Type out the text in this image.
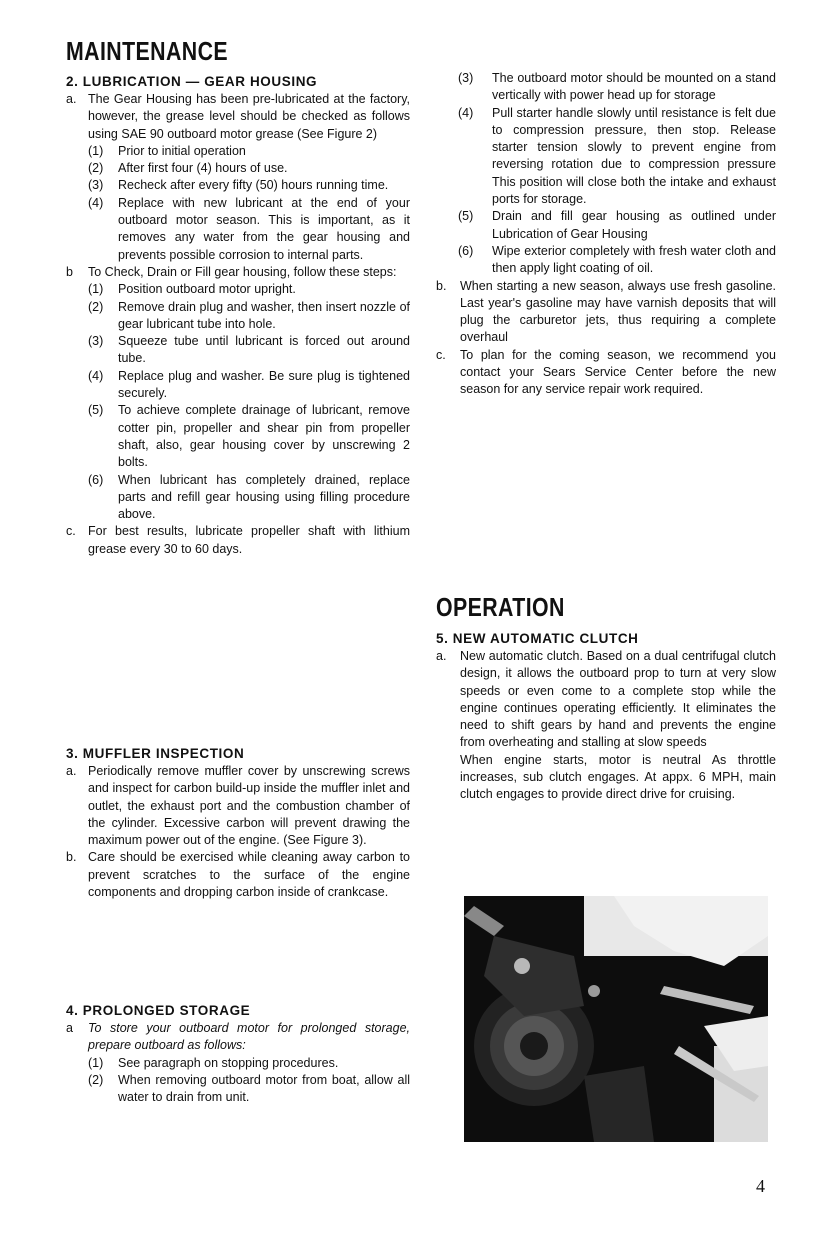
MAINTENANCE
2. LUBRICATION — GEAR HOUSING
a. The Gear Housing has been pre-lubricated at the factory, however, the grease level should be checked as follows using SAE 90 outboard motor grease (See Figure 2)
(1)	Prior to initial operation
(2)	After first four (4) hours of use.
(3)	Recheck after every fifty (50) hours running time.
(4)	Replace with new lubricant at the end of your outboard motor season. This is important, as it removes any water from the gear housing and prevents possible corrosion to internal parts.
b	To Check, Drain or Fill gear housing, follow these steps:
(1)	Position outboard motor upright.
(2)	Remove drain plug and washer, then insert nozzle of gear lubricant tube into hole.
(3)	Squeeze tube until lubricant is forced out around tube.
(4)	Replace plug and washer. Be sure plug is tightened securely.
(5)	To achieve complete drainage of lubricant, remove cotter pin, propeller and shear pin from propeller shaft, also, gear housing cover by unscrewing 2 bolts.
(6)	When lubricant has completely drained, replace parts and refill gear housing using filling procedure above.
c. For best results, lubricate propeller shaft with lithium grease every 30 to 60 days.
3. MUFFLER INSPECTION
a. Periodically remove muffler cover by unscrewing screws and inspect for carbon build-up inside the muffler inlet and outlet, the exhaust port and the combustion chamber of the cylinder. Excessive carbon will prevent drawing the maximum power out of the engine. (See Figure 3).
b. Care should be exercised while cleaning away carbon to prevent scratches to the surface of the engine components and dropping carbon inside of crankcase.
4. PROLONGED STORAGE
a	To store your outboard motor for prolonged storage, prepare outboard as follows:
(1)	See paragraph on stopping procedures.
(2)	When removing outboard motor from boat, allow all water to drain from unit.
(3)	The outboard motor should be mounted on a stand vertically with power head up for storage
(4)	Pull starter handle slowly until resistance is felt due to compression pressure, then stop. Release starter tension slowly to prevent engine from reversing rotation due to compression pressure This position will close both the intake and exhaust ports for storage.
(5)	Drain and fill gear housing as outlined under Lubrication of Gear Housing
(6)	Wipe exterior completely with fresh water cloth and then apply light coating of oil.
b.	When starting a new season, always use fresh gasoline. Last year's gasoline may have varnish deposits that will plug the carburetor jets, thus requiring a complete overhaul
c.	To plan for the coming season, we recommend you contact your Sears Service Center before the new season for any service repair work required.
OPERATION
5. NEW AUTOMATIC CLUTCH
a.	New automatic clutch. Based on a dual centrifugal clutch design, it allows the outboard prop to turn at very slow speeds or even come to a complete stop while the engine continues operating efficiently. It eliminates the need to shift gears by hand and prevents the engine from overheating and stalling at slow speeds
When engine starts, motor is neutral As throttle increases, sub clutch engages. At appx. 6 MPH, main clutch engages to provide direct drive for cruising.
4
